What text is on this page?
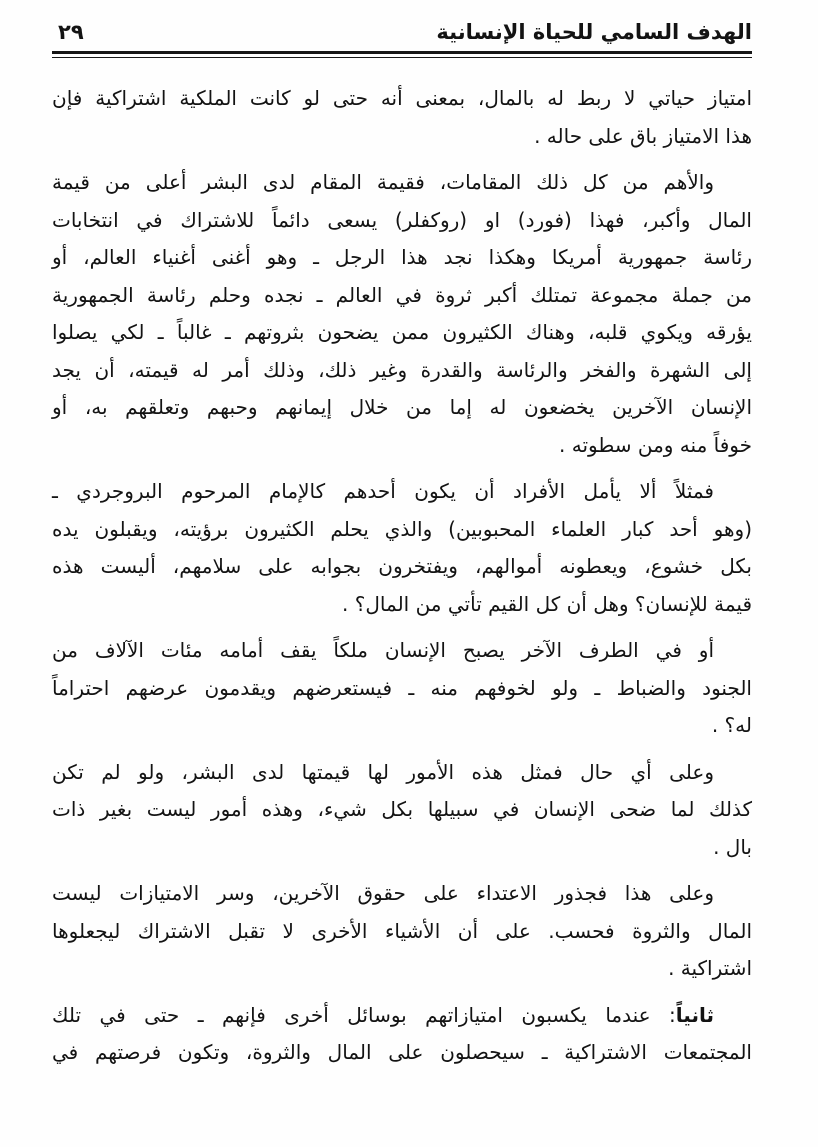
الهدف السامي للحياة الإنسانية
٢٩
امتياز حياتي لا ربط له بالمال، بمعنى أنه حتى لو كانت الملكية اشتراكية فإن
هذا الامتياز باق على حاله .
والأهم من كل ذلك المقامات، فقيمة المقام لدى البشر أعلى من قيمة
المال وأكبر، فهذا (فورد) او (روكفلر) يسعى دائماً للاشتراك في انتخابات
رئاسة جمهورية أمريكا وهكذا نجد هذا الرجل ـ وهو أغنى أغنياء العالم، أو
من جملة مجموعة تمتلك أكبر ثروة في العالم ـ نجده وحلم رئاسة الجمهورية
يؤرقه ويكوي قلبه، وهناك الكثيرون ممن يضحون بثروتهم ـ غالباً ـ لكي يصلوا
إلى الشهرة والفخر والرئاسة والقدرة وغير ذلك، وذلك أمر له قيمته، أن يجد
الإنسان الآخرين يخضعون له إما من خلال إيمانهم وحبهم وتعلقهم به، أو
خوفاً منه ومن سطوته .
فمثلاً ألا يأمل الأفراد أن يكون أحدهم كالإمام المرحوم البروجردي ـ
(وهو أحد كبار العلماء المحبوبين) والذي يحلم الكثيرون برؤيته، ويقبلون يده
بكل خشوع، ويعطونه أموالهم، ويفتخرون بجوابه على سلامهم، أليست هذه
قيمة للإنسان؟ وهل أن كل القيم تأتي من المال؟ .
أو في الطرف الآخر يصبح الإنسان ملكاً يقف أمامه مئات الآلاف من
الجنود والضباط ـ ولو لخوفهم منه ـ فيستعرضهم ويقدمون عرضهم احتراماً
له؟ .
وعلى أي حال فمثل هذه الأمور لها قيمتها لدى البشر، ولو لم تكن
كذلك لما ضحى الإنسان في سبيلها بكل شيء، وهذه أمور ليست بغير ذات
بال .
وعلى هذا فجذور الاعتداء على حقوق الآخرين، وسر الامتيازات ليست
المال والثروة فحسب. على أن الأشياء الأخرى لا تقبل الاشتراك ليجعلوها
اشتراكية .
ثانياً: عندما يكسبون امتيازاتهم بوسائل أخرى فإنهم ـ حتى في تلك
المجتمعات الاشتراكية ـ سيحصلون على المال والثروة، وتكون فرصتهم في
